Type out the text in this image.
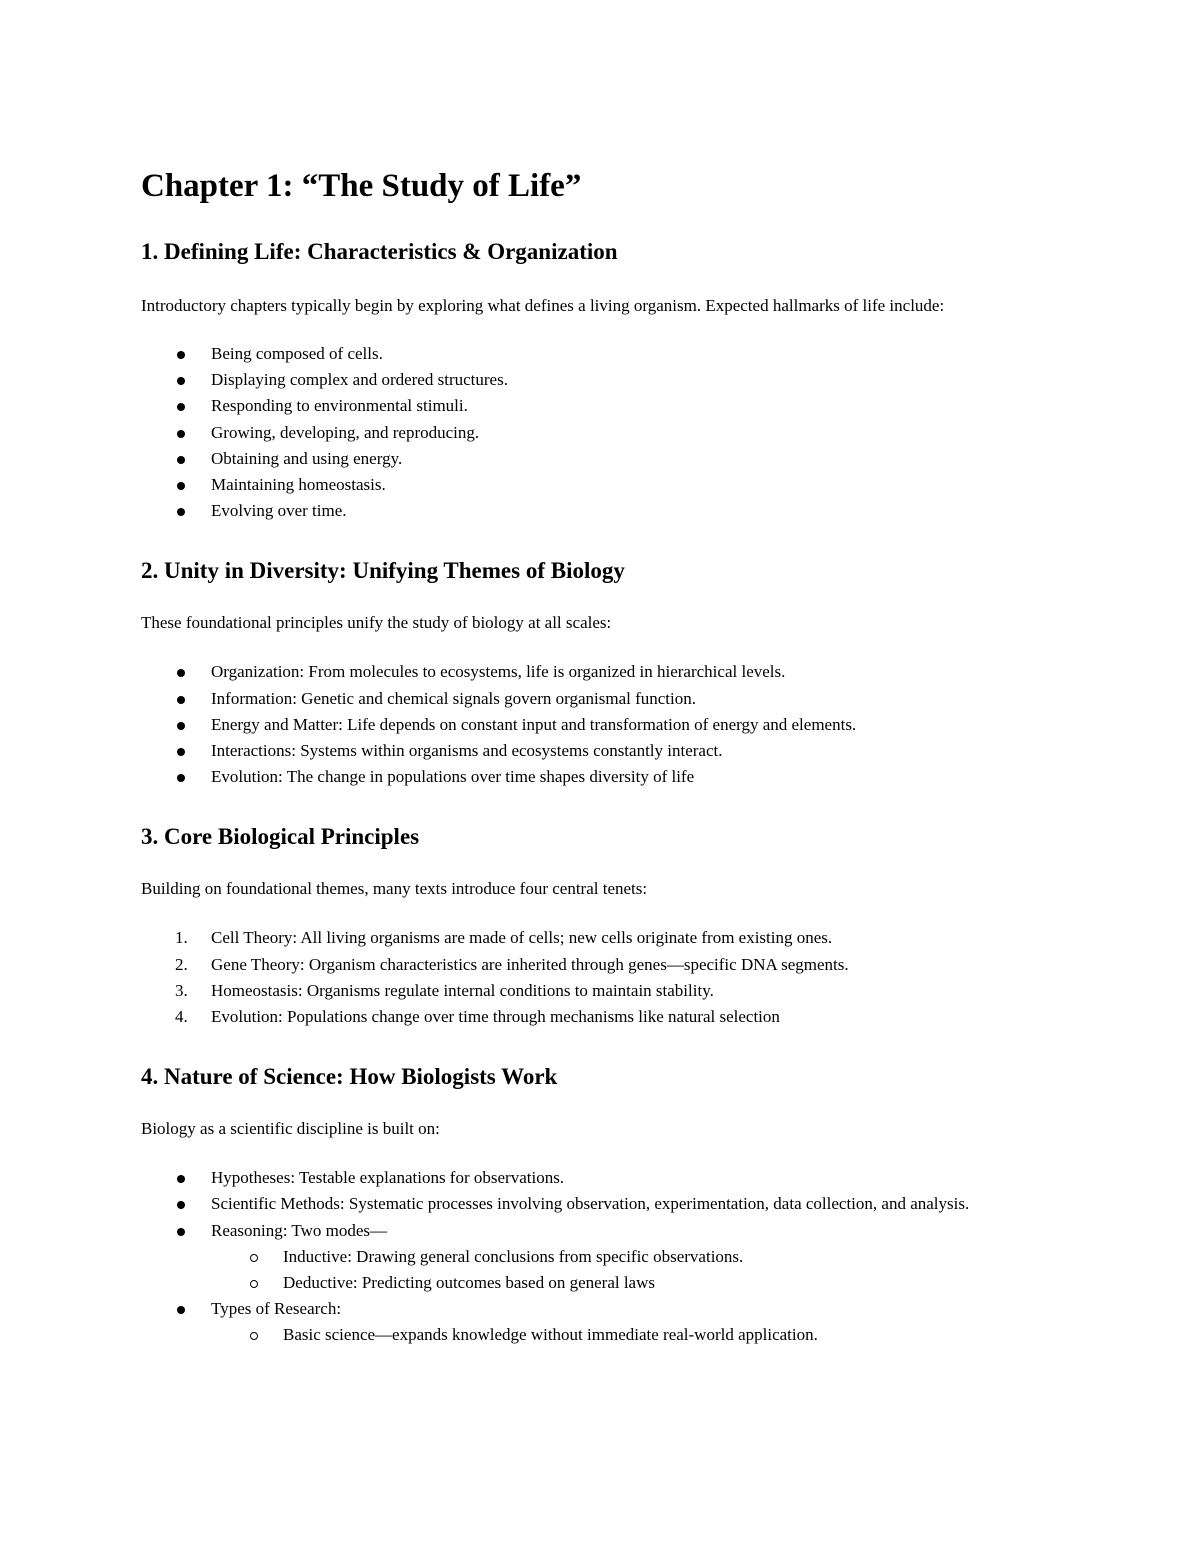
Chapter 1: “The Study of Life”
1. Defining Life: Characteristics & Organization

Introductory chapters typically begin by exploring what defines a living organism. Expected hallmarks of life include:

Being composed of cells.
Displaying complex and ordered structures.
Responding to environmental stimuli.
Growing, developing, and reproducing.
Obtaining and using energy.
Maintaining homeostasis.
Evolving over time.
2. Unity in Diversity: Unifying Themes of Biology

These foundational principles unify the study of biology at all scales:

Organization: From molecules to ecosystems, life is organized in hierarchical levels.
Information: Genetic and chemical signals govern organismal function.
Energy and Matter: Life depends on constant input and transformation of energy and elements.
Interactions: Systems within organisms and ecosystems constantly interact.
Evolution: The change in populations over time shapes diversity of life
3. Core Biological Principles

Building on foundational themes, many texts introduce four central tenets:

1. Cell Theory: All living organisms are made of cells; new cells originate from existing ones.
2. Gene Theory: Organism characteristics are inherited through genes—specific DNA segments.
3. Homeostasis: Organisms regulate internal conditions to maintain stability.
4. Evolution: Populations change over time through mechanisms like natural selection
4. Nature of Science: How Biologists Work

Biology as a scientific discipline is built on:

Hypotheses: Testable explanations for observations.
Scientific Methods: Systematic processes involving observation, experimentation, data collection, and analysis.
Reasoning: Two modes—
Inductive: Drawing general conclusions from specific observations.
Deductive: Predicting outcomes based on general laws
Types of Research:
Basic science—expands knowledge without immediate real-world application.
